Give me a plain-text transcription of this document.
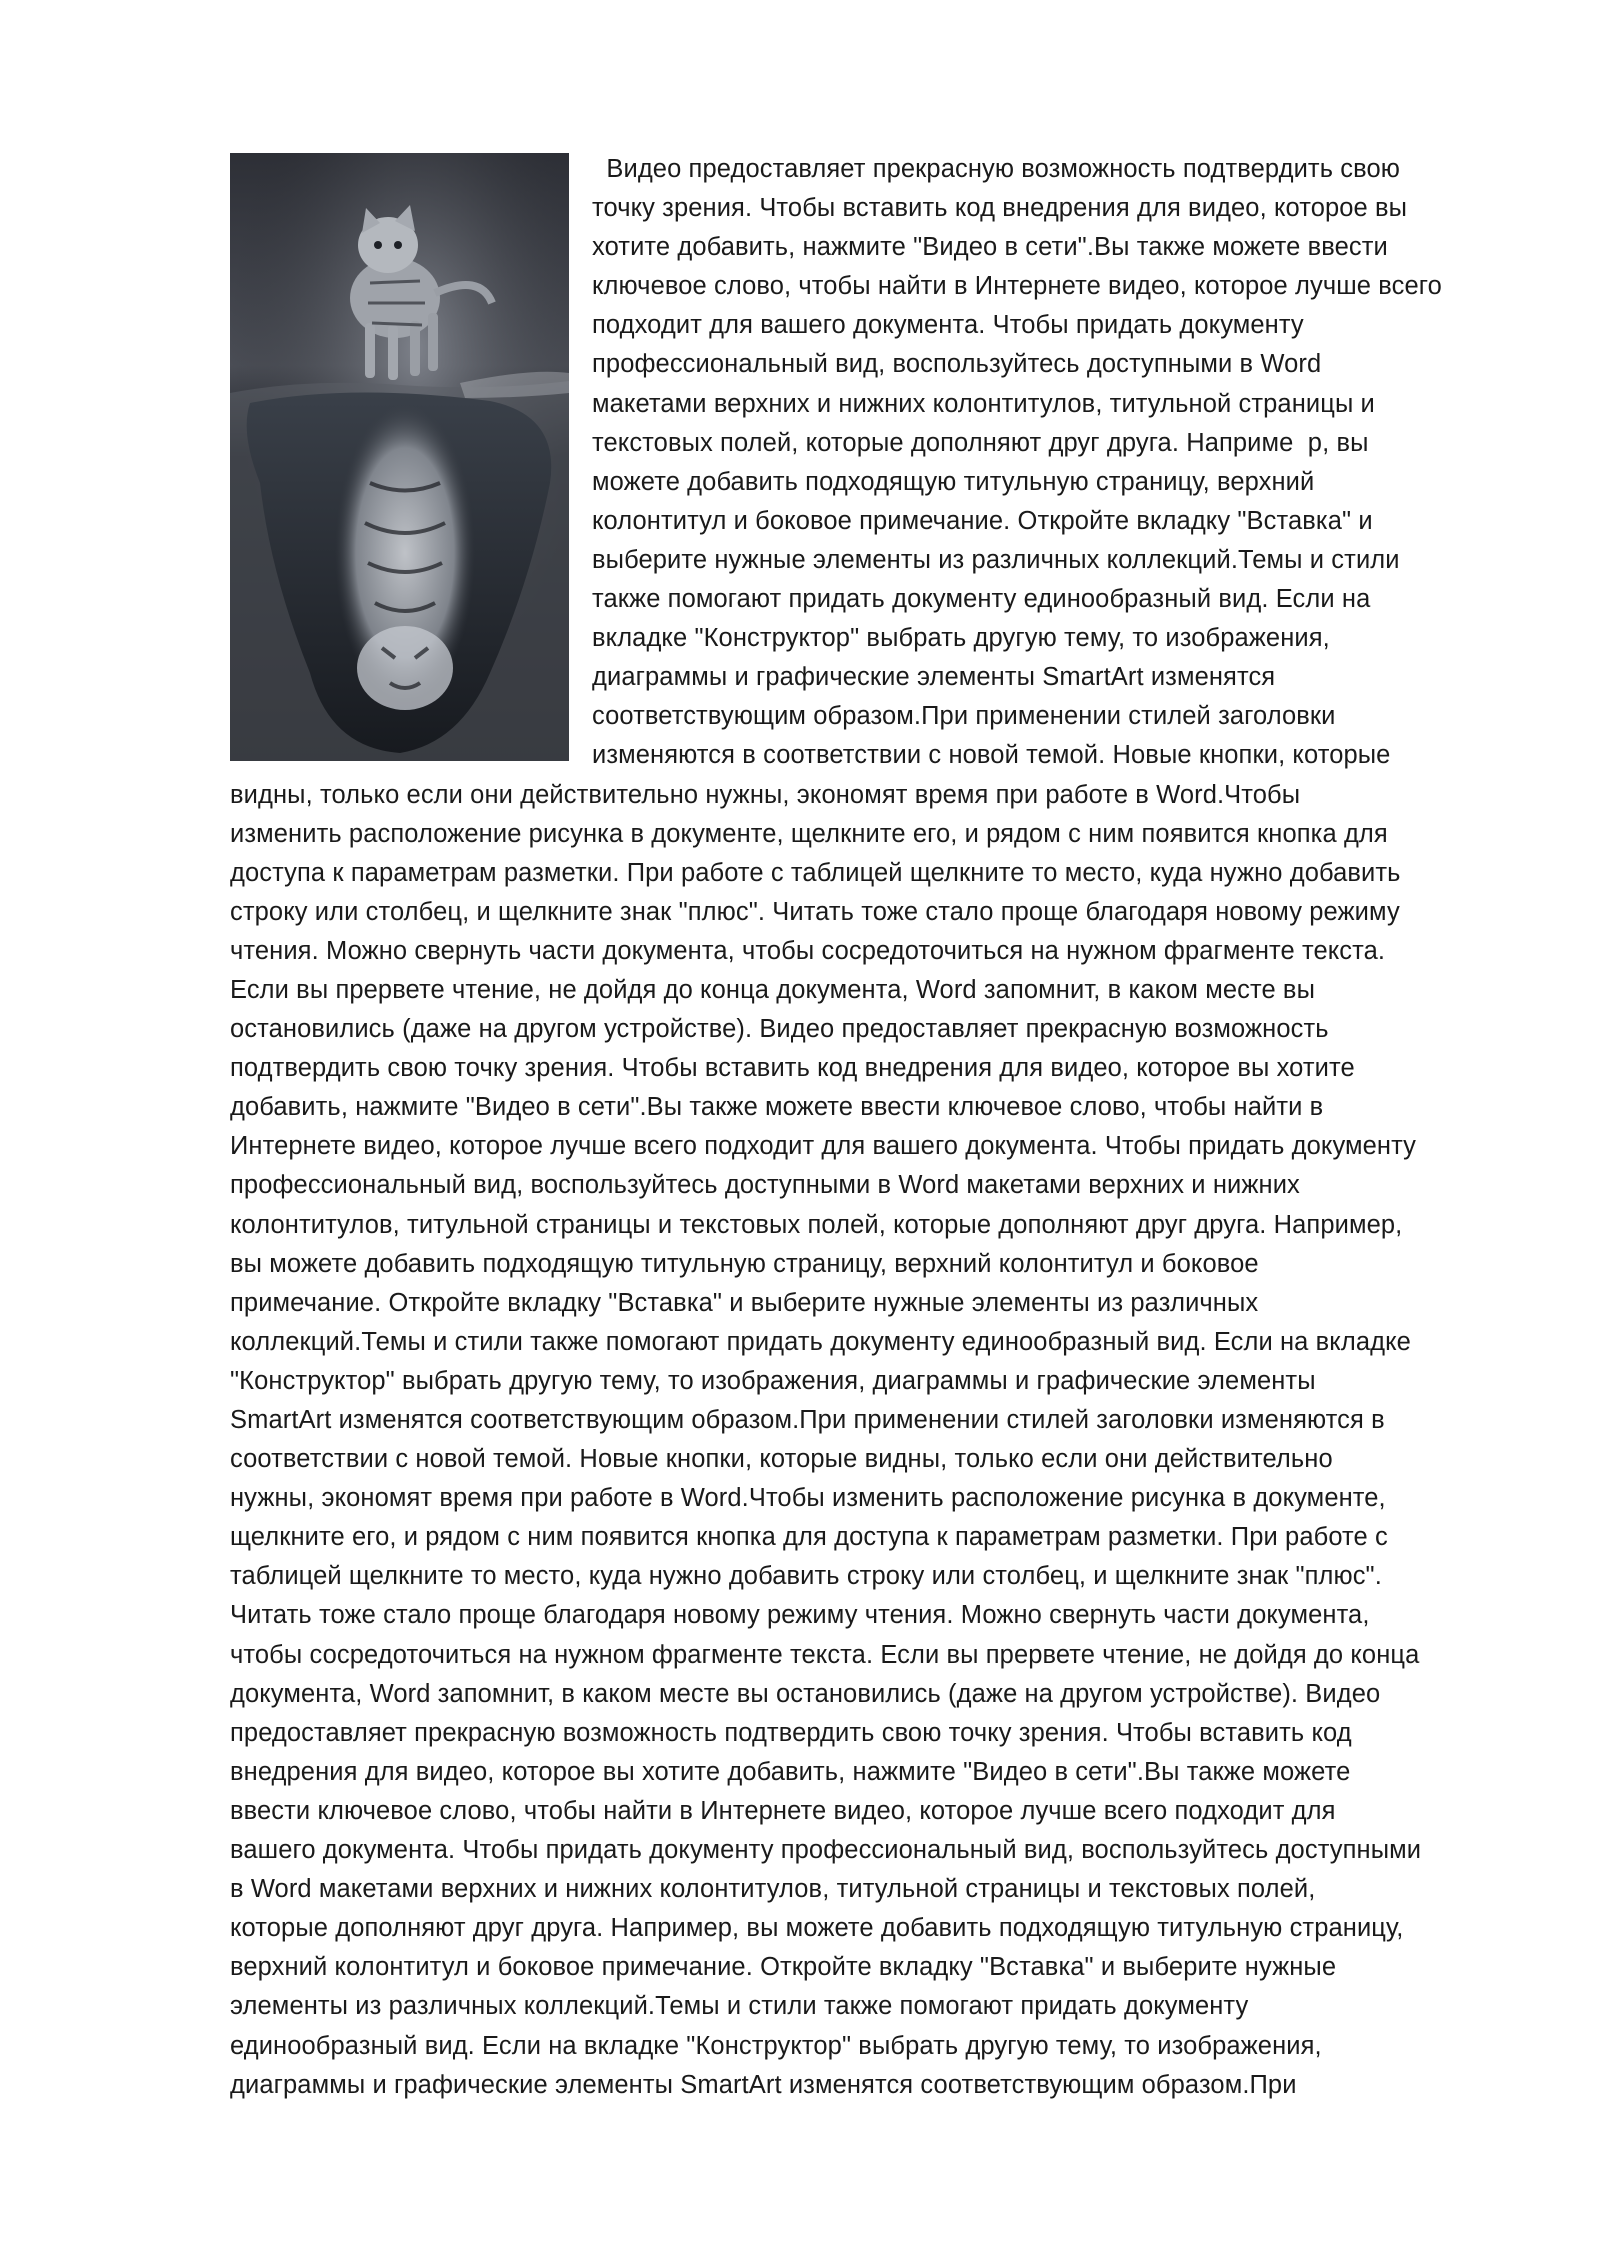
Видео предоставляет прекрасную возможность подтвердить свою
точку зрения. Чтобы вставить код внедрения для видео, которое вы
хотите добавить, нажмите "Видео в сети".Вы также можете ввести
ключевое слово, чтобы найти в Интернете видео, которое лучше всего
подходит для вашего документа. Чтобы придать документу
профессиональный вид, воспользуйтесь доступными в Word
макетами верхних и нижних колонтитулов, титульной страницы и
текстовых полей, которые дополняют друг друга. Наприме  р, вы
можете добавить подходящую титульную страницу, верхний
колонтитул и боковое примечание. Откройте вкладку "Вставка" и
выберите нужные элементы из различных коллекций.Темы и стили
также помогают придать документу единообразный вид. Если на
вкладке "Конструктор" выбрать другую тему, то изображения,
диаграммы и графические элементы SmartArt изменятся
соответствующим образом.При применении стилей заголовки
изменяются в соответствии с новой темой. Новые кнопки, которые
видны, только если они действительно нужны, экономят время при работе в Word.Чтобы
изменить расположение рисунка в документе, щелкните его, и рядом с ним появится кнопка для
доступа к параметрам разметки. При работе с таблицей щелкните то место, куда нужно добавить
строку или столбец, и щелкните знак "плюс". Читать тоже стало проще благодаря новому режиму
чтения. Можно свернуть части документа, чтобы сосредоточиться на нужном фрагменте текста.
Если вы прервете чтение, не дойдя до конца документа, Word запомнит, в каком месте вы
остановились (даже на другом устройстве). Видео предоставляет прекрасную возможность
подтвердить свою точку зрения. Чтобы вставить код внедрения для видео, которое вы хотите
добавить, нажмите "Видео в сети".Вы также можете ввести ключевое слово, чтобы найти в
Интернете видео, которое лучше всего подходит для вашего документа. Чтобы придать документу
профессиональный вид, воспользуйтесь доступными в Word макетами верхних и нижних
колонтитулов, титульной страницы и текстовых полей, которые дополняют друг друга. Например,
вы можете добавить подходящую титульную страницу, верхний колонтитул и боковое
примечание. Откройте вкладку "Вставка" и выберите нужные элементы из различных
коллекций.Темы и стили также помогают придать документу единообразный вид. Если на вкладке
"Конструктор" выбрать другую тему, то изображения, диаграммы и графические элементы
SmartArt изменятся соответствующим образом.При применении стилей заголовки изменяются в
соответствии с новой темой. Новые кнопки, которые видны, только если они действительно
нужны, экономят время при работе в Word.Чтобы изменить расположение рисунка в документе,
щелкните его, и рядом с ним появится кнопка для доступа к параметрам разметки. При работе с
таблицей щелкните то место, куда нужно добавить строку или столбец, и щелкните знак "плюс".
Читать тоже стало проще благодаря новому режиму чтения. Можно свернуть части документа,
чтобы сосредоточиться на нужном фрагменте текста. Если вы прервете чтение, не дойдя до конца
документа, Word запомнит, в каком месте вы остановились (даже на другом устройстве). Видео
предоставляет прекрасную возможность подтвердить свою точку зрения. Чтобы вставить код
внедрения для видео, которое вы хотите добавить, нажмите "Видео в сети".Вы также можете
ввести ключевое слово, чтобы найти в Интернете видео, которое лучше всего подходит для
вашего документа. Чтобы придать документу профессиональный вид, воспользуйтесь доступными
в Word макетами верхних и нижних колонтитулов, титульной страницы и текстовых полей,
которые дополняют друг друга. Например, вы можете добавить подходящую титульную страницу,
верхний колонтитул и боковое примечание. Откройте вкладку "Вставка" и выберите нужные
элементы из различных коллекций.Темы и стили также помогают придать документу
единообразный вид. Если на вкладке "Конструктор" выбрать другую тему, то изображения,
диаграммы и графические элементы SmartArt изменятся соответствующим образом.При
